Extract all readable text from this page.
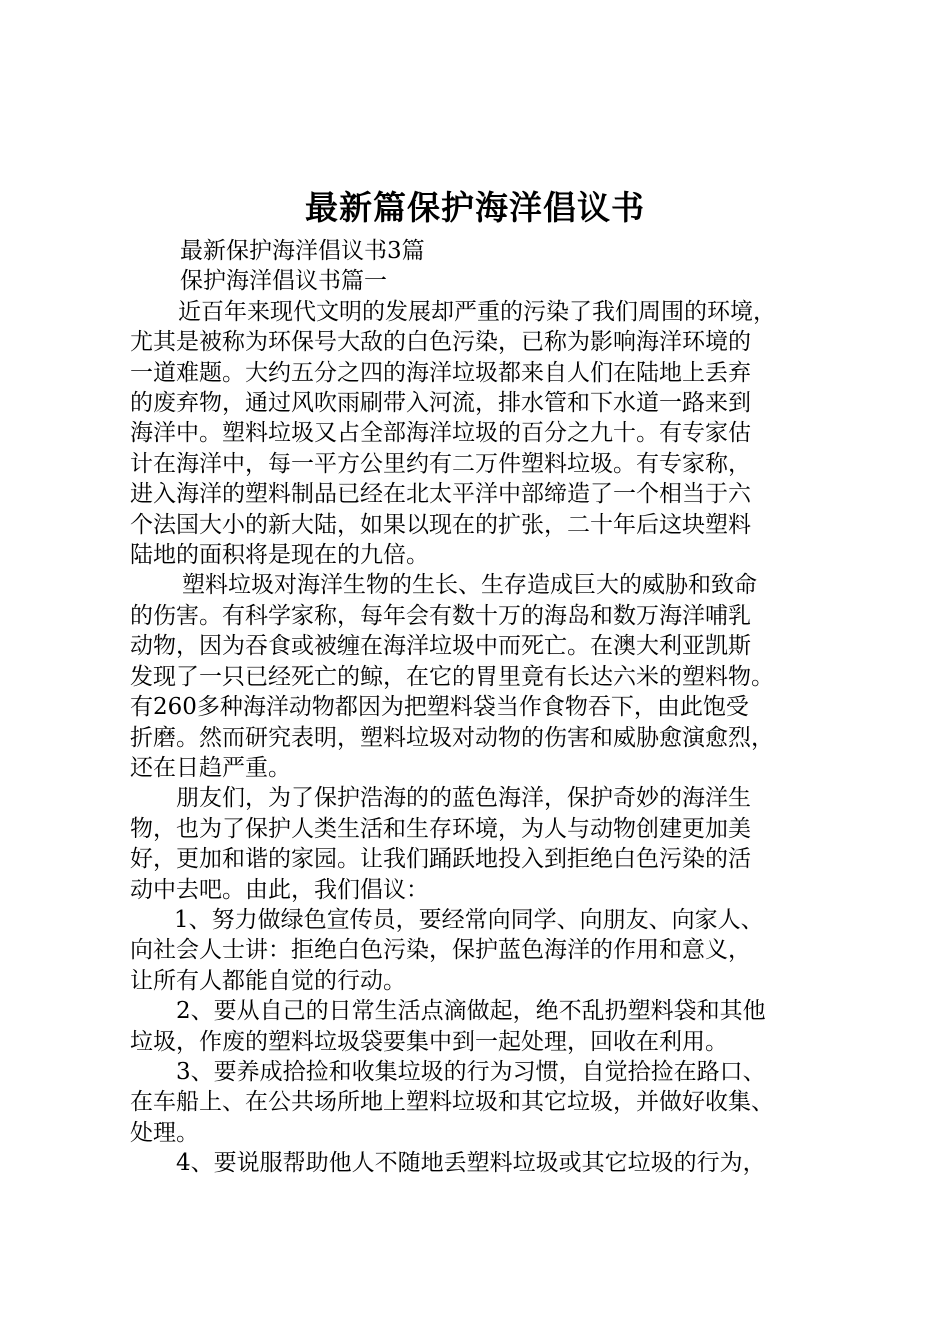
最新篇保护海洋倡议书
最新保护海洋倡议书3篇
保护海洋倡议书篇一
近百年来现代文明的发展却严重的污染了我们周围的环境，
尤其是被称为环保号大敌的白色污染，已称为影响海洋环境的
一道难题。大约五分之四的海洋垃圾都来自人们在陆地上丢弃
的废弃物，通过风吹雨刷带入河流，排水管和下水道一路来到
海洋中。塑料垃圾又占全部海洋垃圾的百分之九十。有专家估
计在海洋中，每一平方公里约有二万件塑料垃圾。有专家称，
进入海洋的塑料制品已经在北太平洋中部缔造了一个相当于六
个法国大小的新大陆，如果以现在的扩张，二十年后这块塑料
陆地的面积将是现在的九倍。
塑料垃圾对海洋生物的生长、生存造成巨大的威胁和致命
的伤害。有科学家称，每年会有数十万的海岛和数万海洋哺乳
动物，因为吞食或被缠在海洋垃圾中而死亡。在澳大利亚凯斯
发现了一只已经死亡的鲸，在它的胃里竟有长达六米的塑料物。
有260多种海洋动物都因为把塑料袋当作食物吞下，由此饱受
折磨。然而研究表明，塑料垃圾对动物的伤害和威胁愈演愈烈，
还在日趋严重。
朋友们，为了保护浩海的的蓝色海洋，保护奇妙的海洋生
物，也为了保护人类生活和生存环境，为人与动物创建更加美
好，更加和谐的家园。让我们踊跃地投入到拒绝白色污染的活
动中去吧。由此，我们倡议：
1、努力做绿色宣传员，要经常向同学、向朋友、向家人、
向社会人士讲：拒绝白色污染，保护蓝色海洋的作用和意义，
让所有人都能自觉的行动。
2、要从自己的日常生活点滴做起，绝不乱扔塑料袋和其他
垃圾，作废的塑料垃圾袋要集中到一起处理，回收在利用。
3、要养成拾捡和收集垃圾的行为习惯，自觉拾捡在路口、
在车船上、在公共场所地上塑料垃圾和其它垃圾，并做好收集、
处理。
4、要说服帮助他人不随地丢塑料垃圾或其它垃圾的行为，
